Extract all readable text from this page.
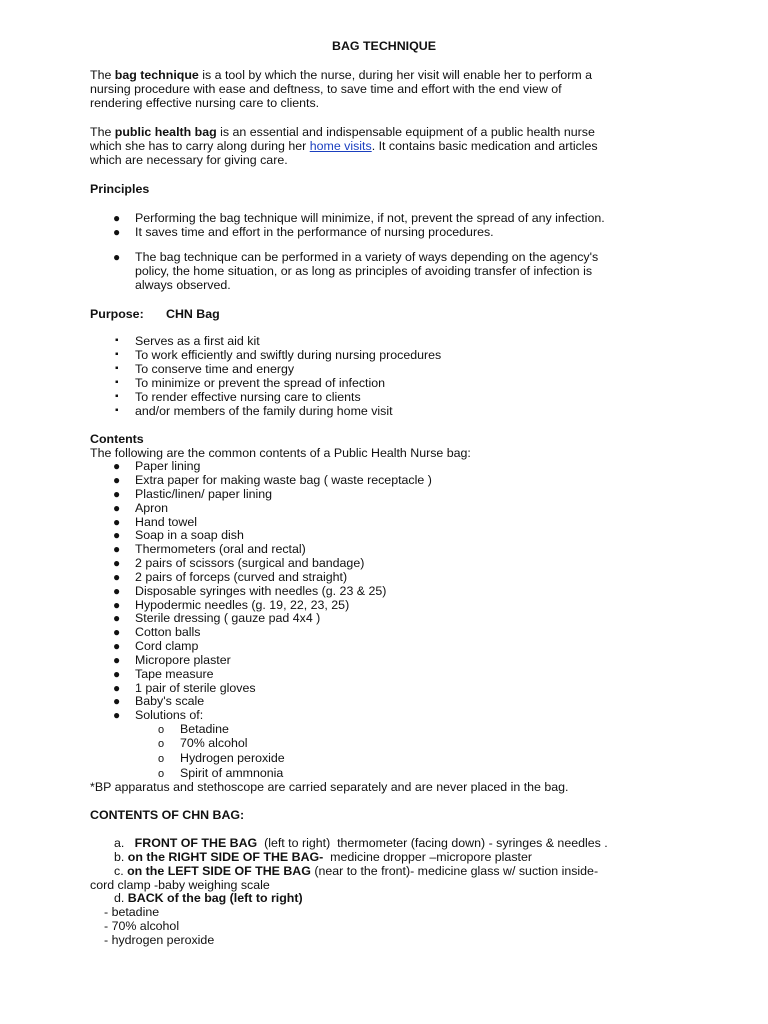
BAG TECHNIQUE
The bag technique is a tool by which the nurse, during her visit will enable her to perform a
nursing procedure with ease and deftness, to save time and effort with the end view of
rendering effective nursing care to clients.
The public health bag is an essential and indispensable equipment of a public health nurse
which she has to carry along during her home visits. It contains basic medication and articles
which are necessary for giving care.
Principles
● Performing the bag technique will minimize, if not, prevent the spread of any infection.
● It saves time and effort in the performance of nursing procedures.
● The bag technique can be performed in a variety of ways depending on the agency's
policy, the home situation, or as long as principles of avoiding transfer of infection is
always observed.
Purpose: CHN Bag
▪ Serves as a first aid kit
▪ To work efficiently and swiftly during nursing procedures
▪ To conserve time and energy
▪ To minimize or prevent the spread of infection
▪ To render effective nursing care to clients
▪ and/or members of the family during home visit
Contents
The following are the common contents of a Public Health Nurse bag:
● Paper lining
● Extra paper for making waste bag ( waste receptacle )
● Plastic/linen/ paper lining
● Apron
● Hand towel
● Soap in a soap dish
● Thermometers (oral and rectal)
● 2 pairs of scissors (surgical and bandage)
● 2 pairs of forceps (curved and straight)
● Disposable syringes with needles (g. 23 & 25)
● Hypodermic needles (g. 19, 22, 23, 25)
● Sterile dressing ( gauze pad 4x4 )
● Cotton balls
● Cord clamp
● Micropore plaster
● Tape measure
● 1 pair of sterile gloves
● Baby's scale
● Solutions of:
o Betadine
o 70% alcohol
o Hydrogen peroxide
o Spirit of ammnonia
*BP apparatus and stethoscope are carried separately and are never placed in the bag.
CONTENTS OF CHN BAG:
a. FRONT OF THE BAG  (left to right)  thermometer (facing down) - syringes & needles .
b. on the RIGHT SIDE OF THE BAG-  medicine dropper –micropore plaster
c. on the LEFT SIDE OF THE BAG (near to the front)- medicine glass w/ suction inside-
cord clamp -baby weighing scale
d. BACK of the bag (left to right)
- betadine
- 70% alcohol
- hydrogen peroxide
